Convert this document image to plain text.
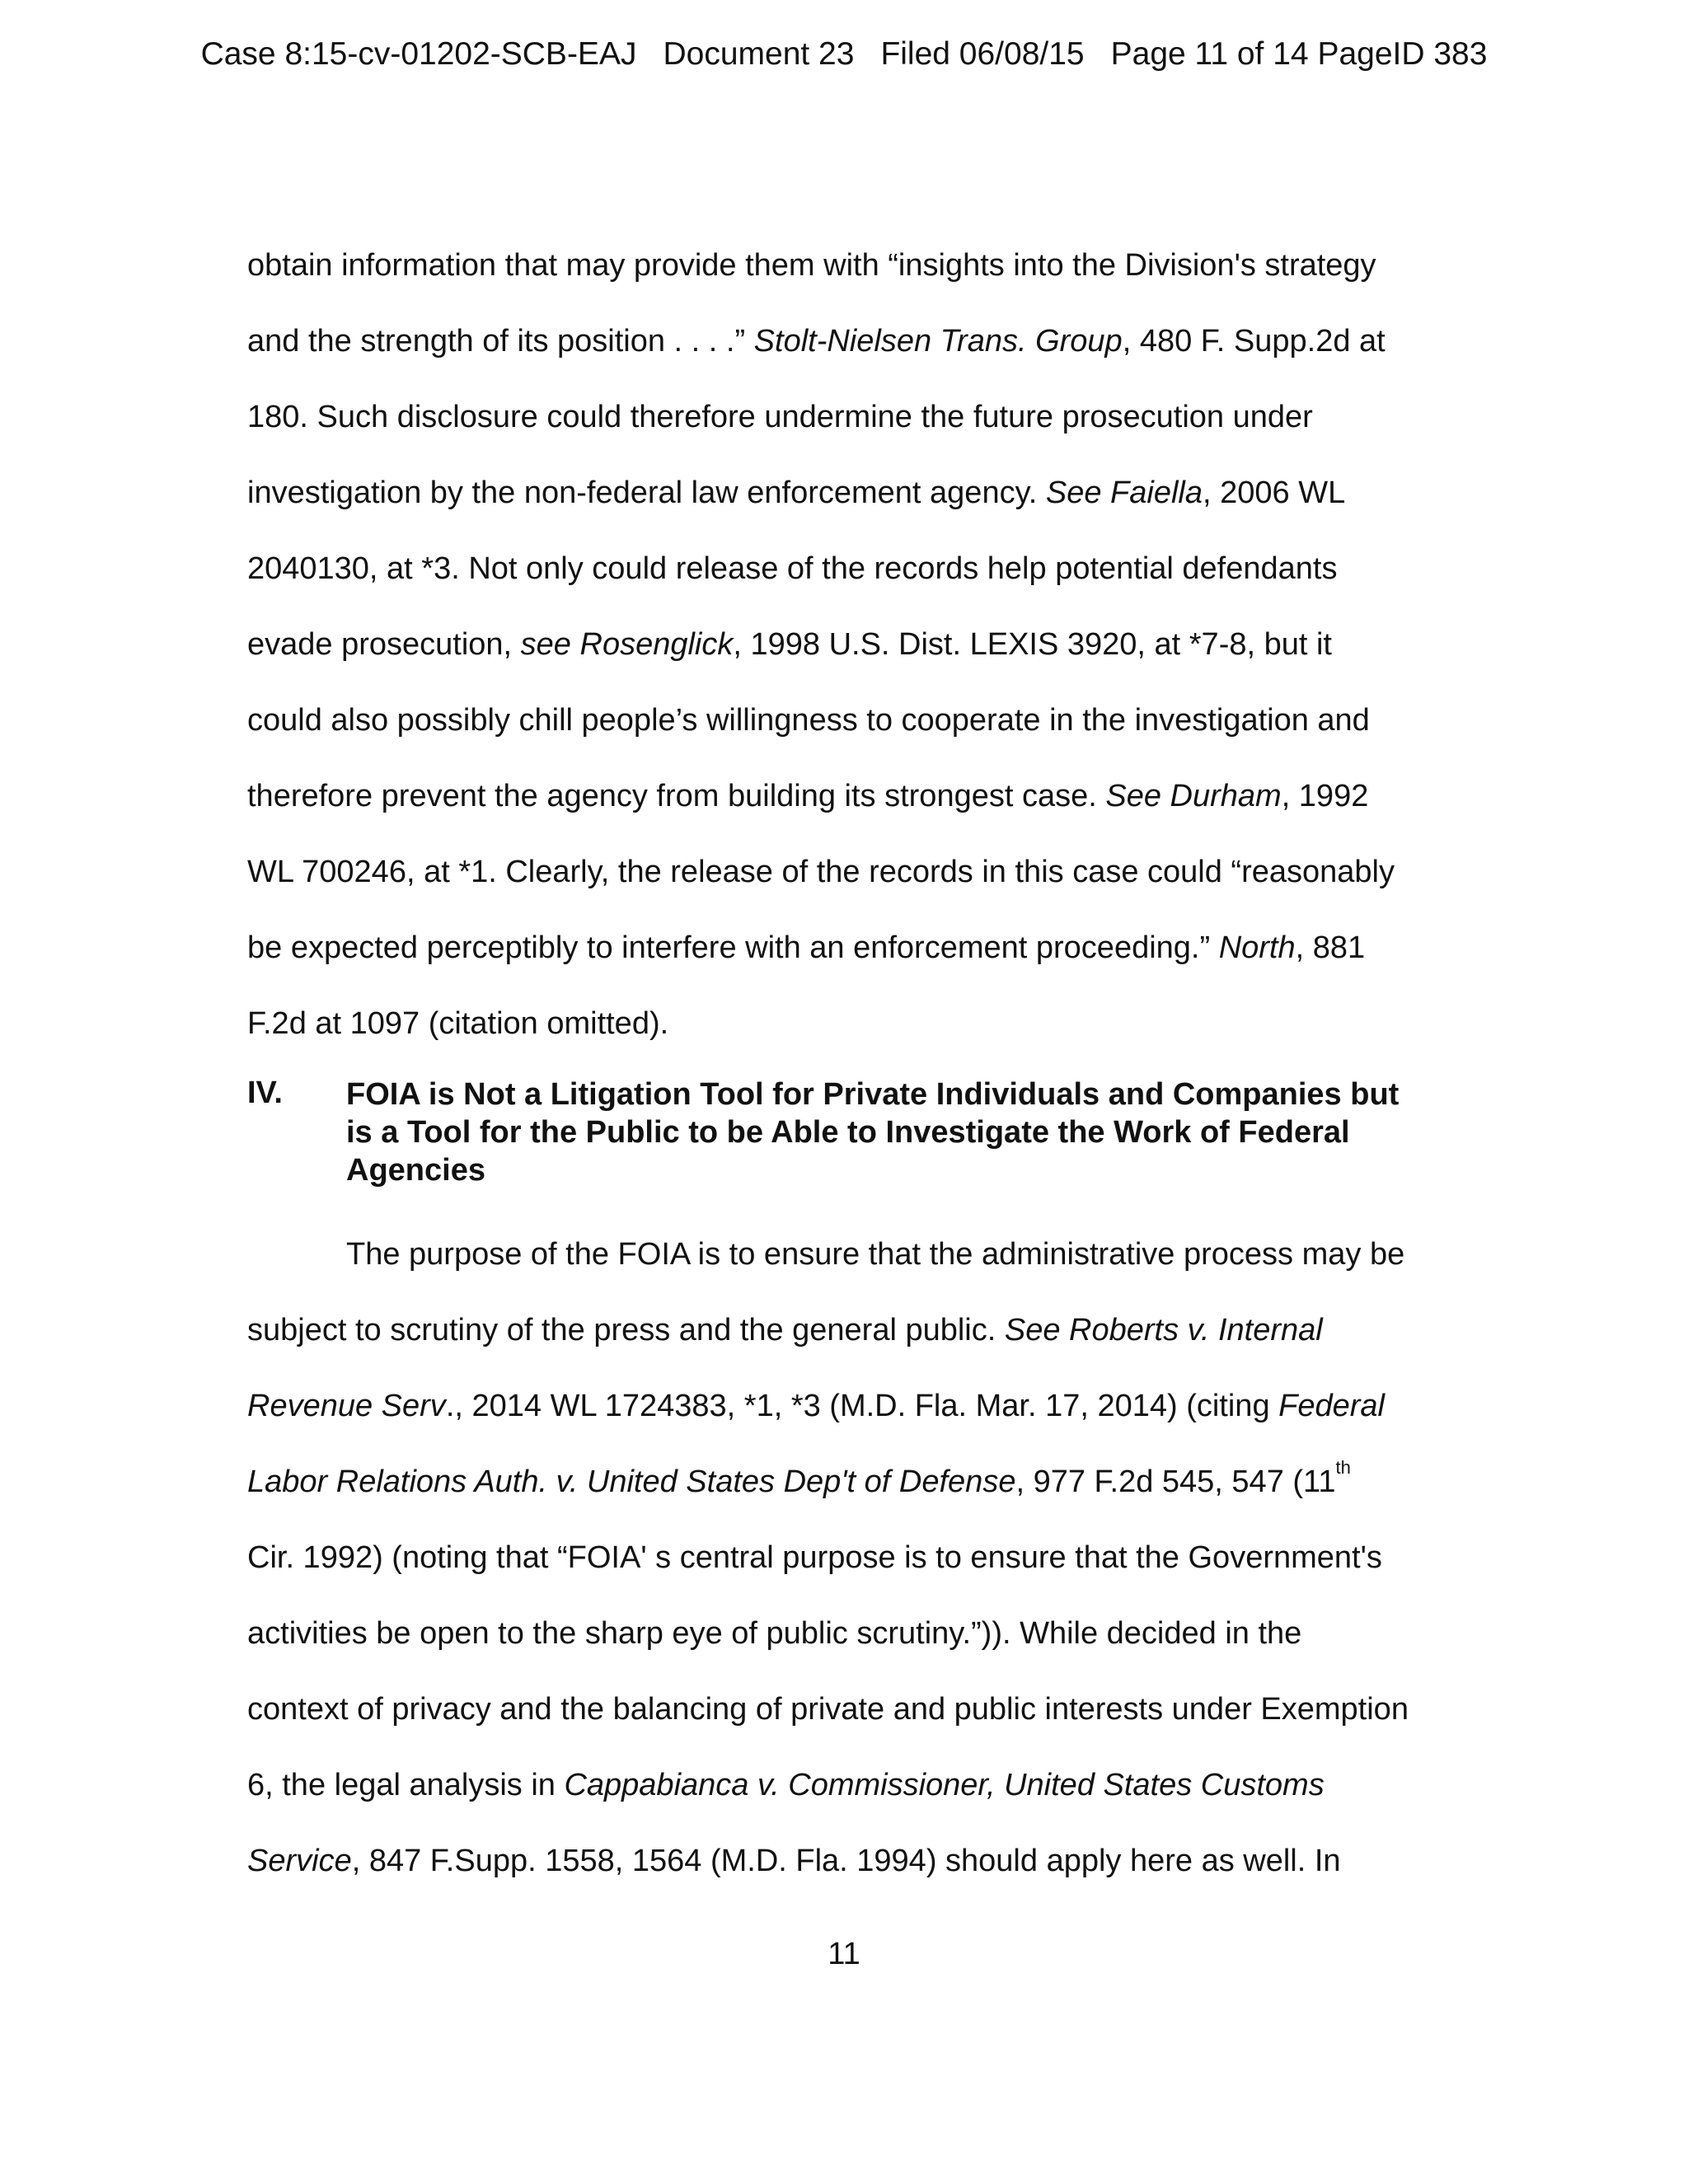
Case 8:15-cv-01202-SCB-EAJ Document 23 Filed 06/08/15 Page 11 of 14 PageID 383
obtain information that may provide them with “insights into the Division's strategy
and the strength of its position . . . .” Stolt-Nielsen Trans. Group, 480 F. Supp.2d at
180. Such disclosure could therefore undermine the future prosecution under
investigation by the non-federal law enforcement agency. See Faiella, 2006 WL
2040130, at *3. Not only could release of the records help potential defendants
evade prosecution, see Rosenglick, 1998 U.S. Dist. LEXIS 3920, at *7-8, but it
could also possibly chill people’s willingness to cooperate in the investigation and
therefore prevent the agency from building its strongest case. See Durham, 1992
WL 700246, at *1. Clearly, the release of the records in this case could “reasonably
be expected perceptibly to interfere with an enforcement proceeding.” North, 881
F.2d at 1097 (citation omitted).
IV. FOIA is Not a Litigation Tool for Private Individuals and Companies but
is a Tool for the Public to be Able to Investigate the Work of Federal
Agencies
The purpose of the FOIA is to ensure that the administrative process may be
subject to scrutiny of the press and the general public. See Roberts v. Internal
Revenue Serv., 2014 WL 1724383, *1, *3 (M.D. Fla. Mar. 17, 2014) (citing Federal
Labor Relations Auth. v. United States Dep't of Defense, 977 F.2d 545, 547 (11th
Cir. 1992) (noting that “FOIA' s central purpose is to ensure that the Government's
activities be open to the sharp eye of public scrutiny.”)). While decided in the
context of privacy and the balancing of private and public interests under Exemption
6, the legal analysis in Cappabianca v. Commissioner, United States Customs
Service, 847 F.Supp. 1558, 1564 (M.D. Fla. 1994) should apply here as well. In
11
